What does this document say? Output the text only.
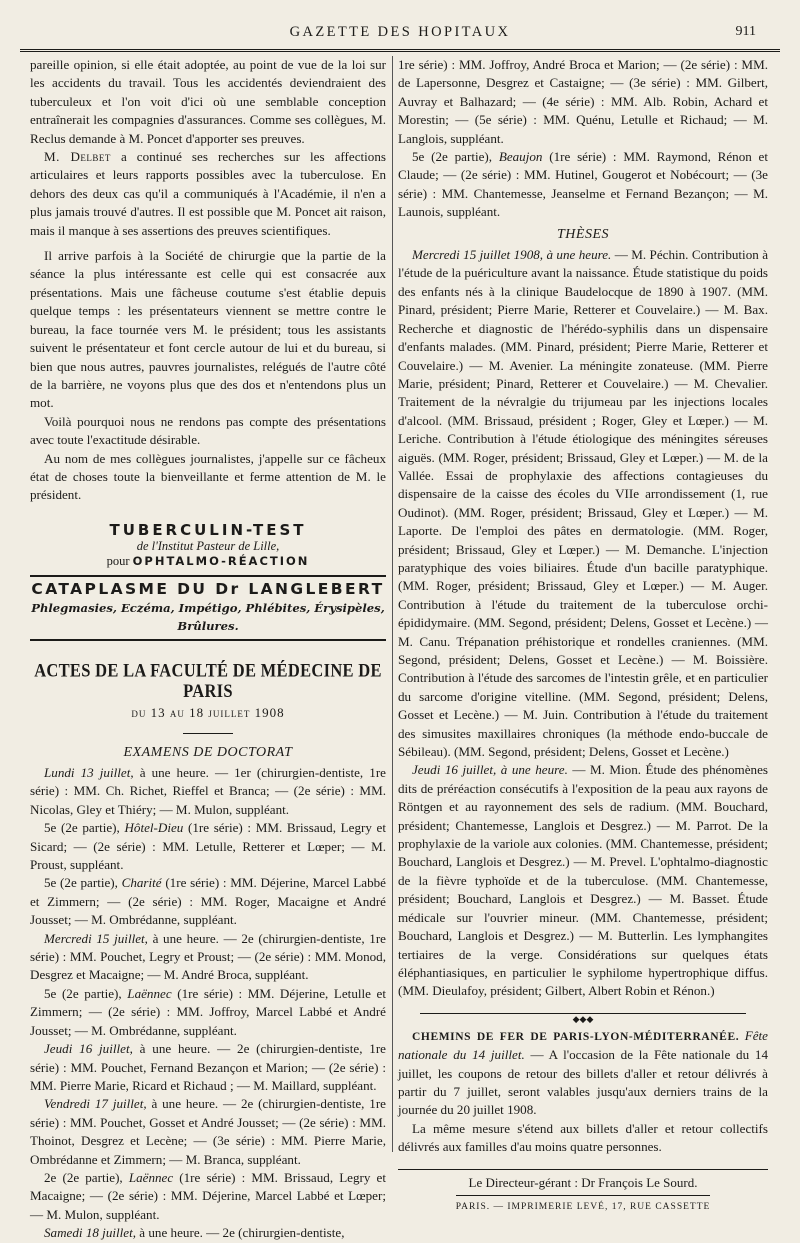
GAZETTE DES HOPITAUX	911

pareille opinion, si elle était adoptée, au point de vue de la loi sur les accidents du travail. Tous les accidentés deviendraient des tuberculeux et l'on voit d'ici où une semblable conception entraînerait les compagnies d'assurances. Comme ses collègues, M. Reclus demande à M. Poncet d'apporter ses preuves.

M. Delbet a continué ses recherches sur les affections articulaires et leurs rapports possibles avec la tuberculose. En dehors des deux cas qu'il a communiqués à l'Académie, il n'en a plus jamais trouvé d'autres. Il est possible que M. Poncet ait raison, mais il manque à ses assertions des preuves scientifiques.

Il arrive parfois à la Société de chirurgie que la partie de la séance la plus intéressante est celle qui est consacrée aux présentations. Mais une fâcheuse coutume s'est établie depuis quelque temps : les présentateurs viennent se mettre contre le bureau, la face tournée vers M. le président; tous les assistants suivent le présentateur et font cercle autour de lui et du bureau, si bien que nous autres, pauvres journalistes, relégués de l'autre côté de la barrière, ne voyons plus que des dos et n'entendons plus un mot.

Voilà pourquoi nous ne rendons pas compte des présentations avec toute l'exactitude désirable.

Au nom de mes collègues journalistes, j'appelle sur ce fâcheux état de choses toute la bienveillante et ferme attention de M. le président.

TUBERCULIN-TEST
de l'Institut Pasteur de Lille,
pour OPHTALMO-RÉACTION
CATAPLASME DU Dr LANGLEBERT
Phlegmasies, Eczéma, Impétigo, Phlébites, Érysipèles, Brûlures.
ACTES DE LA FACULTÉ DE MÉDECINE DE PARIS
du 13 au 18 juillet 1908
EXAMENS DE DOCTORAT

Lundi 13 juillet, à une heure. — 1er (chirurgien-dentiste, 1re série) : MM. Ch. Richet, Rieffel et Branca; — (2e série) : MM. Nicolas, Gley et Thiéry; — M. Mulon, suppléant.

5e (2e partie), Hôtel-Dieu (1re série) : MM. Brissaud, Legry et Sicard; — (2e série) : MM. Letulle, Retterer et Lœper; — M. Proust, suppléant.

5e (2e partie), Charité (1re série) : MM. Déjerine, Marcel Labbé et Zimmern; — (2e série) : MM. Roger, Macaigne et André Jousset; — M. Ombrédanne, suppléant.

Mercredi 15 juillet, à une heure. — 2e (chirurgien-dentiste, 1re série) : MM. Pouchet, Legry et Proust; — (2e série) : MM. Monod, Desgrez et Macaigne; — M. André Broca, suppléant.

5e (2e partie), Laënnec (1re série) : MM. Déjerine, Letulle et Zimmern; — (2e série) : MM. Joffroy, Marcel Labbé et André Jousset; — M. Ombrédanne, suppléant.

Jeudi 16 juillet, à une heure. — 2e (chirurgien-dentiste, 1re série) : MM. Pouchet, Fernand Bezançon et Marion; — (2e série) : MM. Pierre Marie, Ricard et Richaud ; — M. Maillard, suppléant.

Vendredi 17 juillet, à une heure. — 2e (chirurgien-dentiste, 1re série) : MM. Pouchet, Gosset et André Jousset; — (2e série) : MM. Thoinot, Desgrez et Lecène; — (3e série) : MM. Pierre Marie, Ombrédanne et Zimmern; — M. Branca, suppléant.

2e (2e partie), Laënnec (1re série) : MM. Brissaud, Legry et Macaigne; — (2e série) : MM. Déjerine, Marcel Labbé et Lœper; — M. Mulon, suppléant.

Samedi 18 juillet, à une heure. — 2e (chirurgien-dentiste,

1re série) : MM. Joffroy, André Broca et Marion; — (2e série) : MM. de Lapersonne, Desgrez et Castaigne; — (3e série) : MM. Gilbert, Auvray et Balhazard; — (4e série) : MM. Alb. Robin, Achard et Morestin; — (5e série) : MM. Quénu, Letulle et Richaud; — M. Langlois, suppléant.

5e (2e partie), Beaujon (1re série) : MM. Raymond, Rénon et Claude; — (2e série) : MM. Hutinel, Gougerot et Nobécourt; — (3e série) : MM. Chantemesse, Jeanselme et Fernand Bezançon; — M. Launois, suppléant.

THÈSES

Mercredi 15 juillet 1908, à une heure. — M. Péchin. Contribution à l'étude de la puériculture avant la naissance. Étude statistique du poids des enfants nés à la clinique Baudelocque de 1890 à 1907. (MM. Pinard, président; Pierre Marie, Retterer et Couvelaire.) — M. Bax. Recherche et diagnostic de l'hérédo-syphilis dans un dispensaire d'enfants malades. (MM. Pinard, président; Pierre Marie, Retterer et Couvelaire.) — M. Avenier. La méningite zonateuse. (MM. Pierre Marie, président; Pinard, Retterer et Couvelaire.) — M. Chevalier. Traitement de la névralgie du trijumeau par les injections locales d'alcool. (MM. Brissaud, président ; Roger, Gley et Lœper.) — M. Leriche. Contribution à l'étude étiologique des méningites séreuses aiguës. (MM. Roger, président; Brissaud, Gley et Lœper.) — M. de la Vallée. Essai de prophylaxie des affections contagieuses du dispensaire de la caisse des écoles du VIIe arrondissement (1, rue Oudinot). (MM. Roger, président; Brissaud, Gley et Lœper.) — M. Laporte. De l'emploi des pâtes en dermatologie. (MM. Roger, président; Brissaud, Gley et Lœper.) — M. Demanche. L'injection paratyphique des voies biliaires. Étude d'un bacille paratyphique. (MM. Roger, président; Brissaud, Gley et Lœper.) — M. Auger. Contribution à l'étude du traitement de la tuberculose orchi-épididymaire. (MM. Segond, président; Delens, Gosset et Lecène.) — M. Canu. Trépanation préhistorique et rondelles craniennes. (MM. Segond, président; Delens, Gosset et Lecène.) — M. Boissière. Contribution à l'étude des sarcomes de l'intestin grêle, et en particulier du sarcome d'origine vitelline. (MM. Segond, président; Delens, Gosset et Lecène.) — M. Juin. Contribution à l'étude du traitement des simusites maxillaires chroniques (la méthode endo-buccale de Sébileau). (MM. Segond, président; Delens, Gosset et Lecène.)

Jeudi 16 juillet, à une heure. — M. Mion. Étude des phénomènes dits de préréaction consécutifs à l'exposition de la peau aux rayons de Röntgen et au rayonnement des sels de radium. (MM. Bouchard, président; Chantemesse, Langlois et Desgrez.) — M. Parrot. De la prophylaxie de la variole aux colonies. (MM. Chantemesse, président; Bouchard, Langlois et Desgrez.) — M. Prevel. L'ophtalmo-diagnostic de la fièvre typhoïde et de la tuberculose. (MM. Chantemesse, président; Bouchard, Langlois et Desgrez.) — M. Basset. Étude médicale sur l'ouvrier mineur. (MM. Chantemesse, président; Bouchard, Langlois et Desgrez.) — M. Butterlin. Les lymphangites tertiaires de la verge. Considérations sur quelques états éléphantiasiques, en particulier le syphilome hypertrophique diffus. (MM. Dieulafoy, président; Gilbert, Albert Robin et Rénon.)

◆◆◆

CHEMINS DE FER DE PARIS-LYON-MÉDITERRANÉE. Fête nationale du 14 juillet. — A l'occasion de la Fête nationale du 14 juillet, les coupons de retour des billets d'aller et retour délivrés à partir du 7 juillet, seront valables jusqu'aux derniers trains de la journée du 20 juillet 1908.

La même mesure s'étend aux billets d'aller et retour collectifs délivrés aux familles d'au moins quatre personnes.

Le Directeur-gérant : Dr François Le Sourd.
PARIS. — IMPRIMERIE LEVÉ, 17, RUE CASSETTE
